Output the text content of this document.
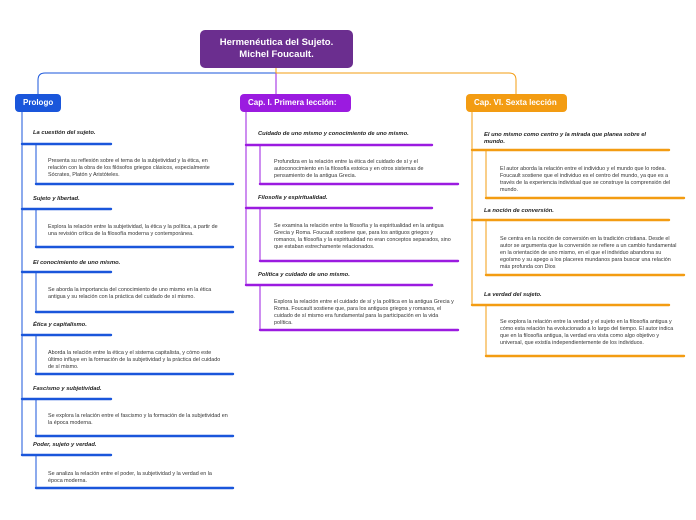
Hermenéutica del Sujeto.
Michel Foucault.
Prologo

La cuestión del sujeto.

Presenta su reflexión sobre el tema de la subjetividad y la ética, en relación con la obra de los filósofos griegos clásicos, especialmente Sócrates, Platón y Aristóteles.

Sujeto y libertad.

Explora la relación entre la subjetividad, la ética y la política, a partir de una revisión crítica de la filosofía moderna y contemporánea.

El conocimiento de uno mismo.

Se aborda la importancia del conocimiento de uno mismo en la ética antigua y su relación con la práctica del cuidado de sí mismo.

Ética y capitalismo.

Aborda la relación entre la ética y el sistema capitalista, y cómo este último influye en la formación de la subjetividad y la práctica del cuidado de sí mismo.

Fascismo y subjetividad.

Se explora la relación entre el fascismo y la formación de la subjetividad en la época moderna.

Poder, sujeto y verdad.

Se analiza la relación entre el poder, la subjetividad y la verdad en la época moderna.

Cap. I. Primera lección:

Cuidado de uno mismo y conocimiento de uno mismo.

Profundiza en la relación entre la ética del cuidado de sí y el autoconocimiento en la filosofía estoica y en otros sistemas de pensamiento de la antigua Grecia.

Filosofía y espiritualidad.

Se examina la relación entre la filosofía y la espiritualidad en la antigua Grecia y Roma. Foucault sostiene que, para los antiguos griegos y romanos, la filosofía y la espiritualidad no eran conceptos separados, sino que estaban estrechamente relacionados.

Política y cuidado de uno mismo.

Explora la relación entre el cuidado de sí y la política en la antigua Grecia y Roma. Foucault sostiene que, para los antiguos griegos y romanos, el cuidado de sí mismo era fundamental para la participación en la vida política.

Cap. VI. Sexta lección

El uno mismo como centro y la mirada que planea sobre el mundo.

El autor aborda la relación entre el individuo y el mundo que lo rodea. Foucault sostiene que el individuo es el centro del mundo, ya que es a través de la experiencia individual que se construye la comprensión del mundo.

La noción de conversión.

Se centra en la noción de conversión en la tradición cristiana. Desde el autor se argumenta que la conversión se refiere a un cambio fundamental en la orientación de uno mismo, en el que el individuo abandona su egoísmo y su apego a los placeres mundanos para buscar una relación más profunda con Dios

La verdad del sujeto.

Se explora la relación entre la verdad y el sujeto en la filosofía antigua y cómo esta relación ha evolucionado a lo largo del tiempo. El autor indica que en la filosofía antigua, la verdad era vista como algo objetivo y universal, que existía independientemente de los individuos.
